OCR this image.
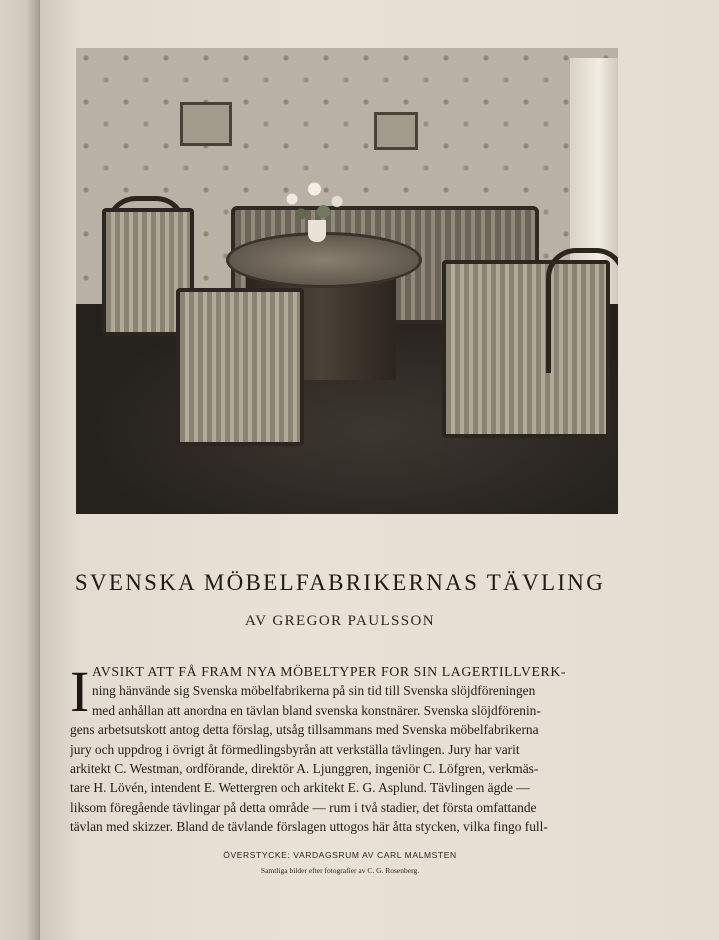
SVENSKA MÖBELFABRIKERNAS TÄVLING
AV GREGOR PAULSSON
I AVSIKT ATT FÅ FRAM NYA MÖBELTYPER FOR SIN LAGERTILLVERK-
ning hänvände sig Svenska möbelfabrikerna på sin tid till Svenska slöjdföreningen
med anhållan att anordna en tävlan bland svenska konstnärer. Svenska slöjdförenin-
gens arbetsutskott antog detta förslag, utsåg tillsammans med Svenska möbelfabrikerna
jury och uppdrog i övrigt åt förmedlingsbyrån att verkställa tävlingen. Jury har varit
arkitekt C. Westman, ordförande, direktör A. Ljunggren, ingeniör C. Löfgren, verkmäs-
tare H. Lövén, intendent E. Wettergren och arkitekt E. G. Asplund. Tävlingen ägde —
liksom föregående tävlingar på detta område — rum i två stadier, det första omfattande
tävlan med skizzer. Bland de tävlande förslagen uttogos här åtta stycken, vilka fingo full-
ÖVERSTYCKE: VARDAGSRUM AV CARL MALMSTEN
Samtliga bilder efter fotografier av C. G. Rosenberg.
